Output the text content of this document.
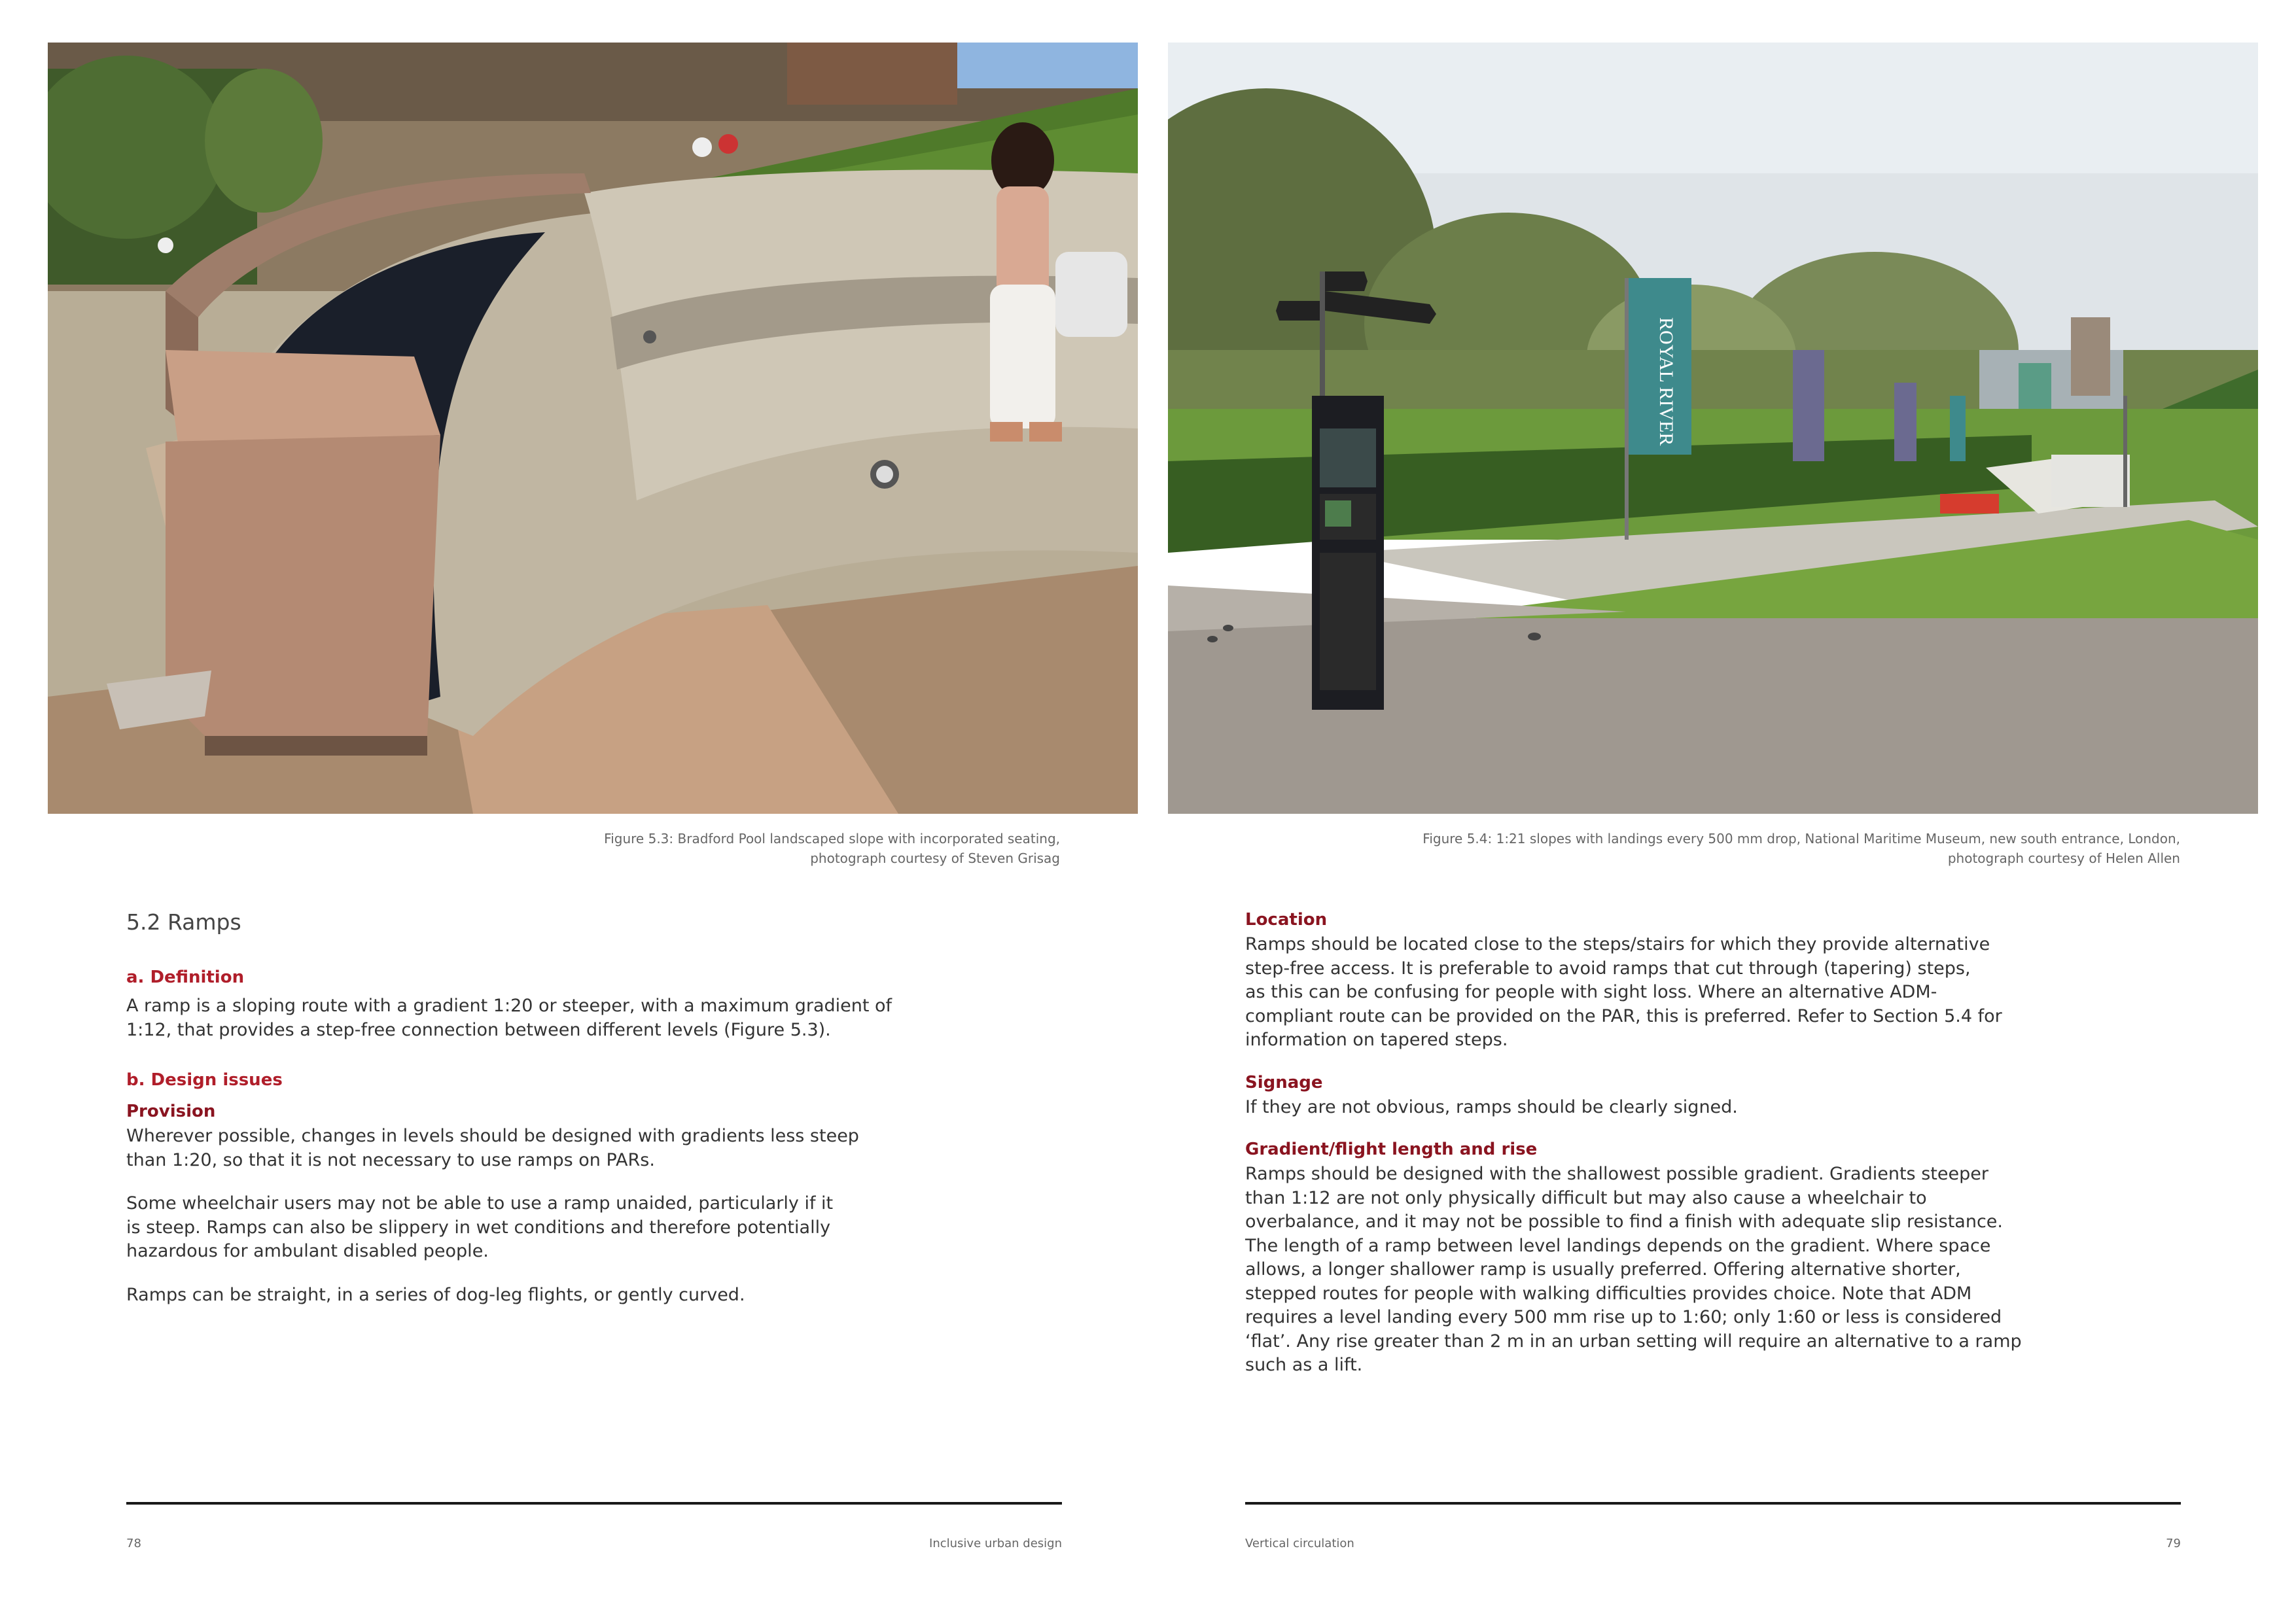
ROYAL RIVER
Figure 5.3: Bradford Pool landscaped slope with incorporated seating,
photograph courtesy of Steven Grisag
Figure 5.4: 1:21 slopes with landings every 500 mm drop, National Maritime Museum, new south entrance, London,
photograph courtesy of Helen Allen
5.2 Ramps
a. Definition
A ramp is a sloping route with a gradient 1:20 or steeper, with a maximum gradient of
1:12, that provides a step-free connection between different levels (Figure 5.3).
b. Design issues
Provision
Wherever possible, changes in levels should be designed with gradients less steep
than 1:20, so that it is not necessary to use ramps on PARs.
Some wheelchair users may not be able to use a ramp unaided, particularly if it
is steep. Ramps can also be slippery in wet conditions and therefore potentially
hazardous for ambulant disabled people.
Ramps can be straight, in a series of dog-leg flights, or gently curved.
Location
Ramps should be located close to the steps/stairs for which they provide alternative
step-free access. It is preferable to avoid ramps that cut through (tapering) steps,
as this can be confusing for people with sight loss. Where an alternative ADM-
compliant route can be provided on the PAR, this is preferred. Refer to Section 5.4 for
information on tapered steps.
Signage
If they are not obvious, ramps should be clearly signed.
Gradient/flight length and rise
Ramps should be designed with the shallowest possible gradient. Gradients steeper
than 1:12 are not only physically difficult but may also cause a wheelchair to
overbalance, and it may not be possible to find a finish with adequate slip resistance.
The length of a ramp between level landings depends on the gradient. Where space
allows, a longer shallower ramp is usually preferred. Offering alternative shorter,
stepped routes for people with walking difficulties provides choice. Note that ADM
requires a level landing every 500 mm rise up to 1:60; only 1:60 or less is considered
‘flat’. Any rise greater than 2 m in an urban setting will require an alternative to a ramp
such as a lift.
78	Inclusive urban design	Vertical circulation	79
